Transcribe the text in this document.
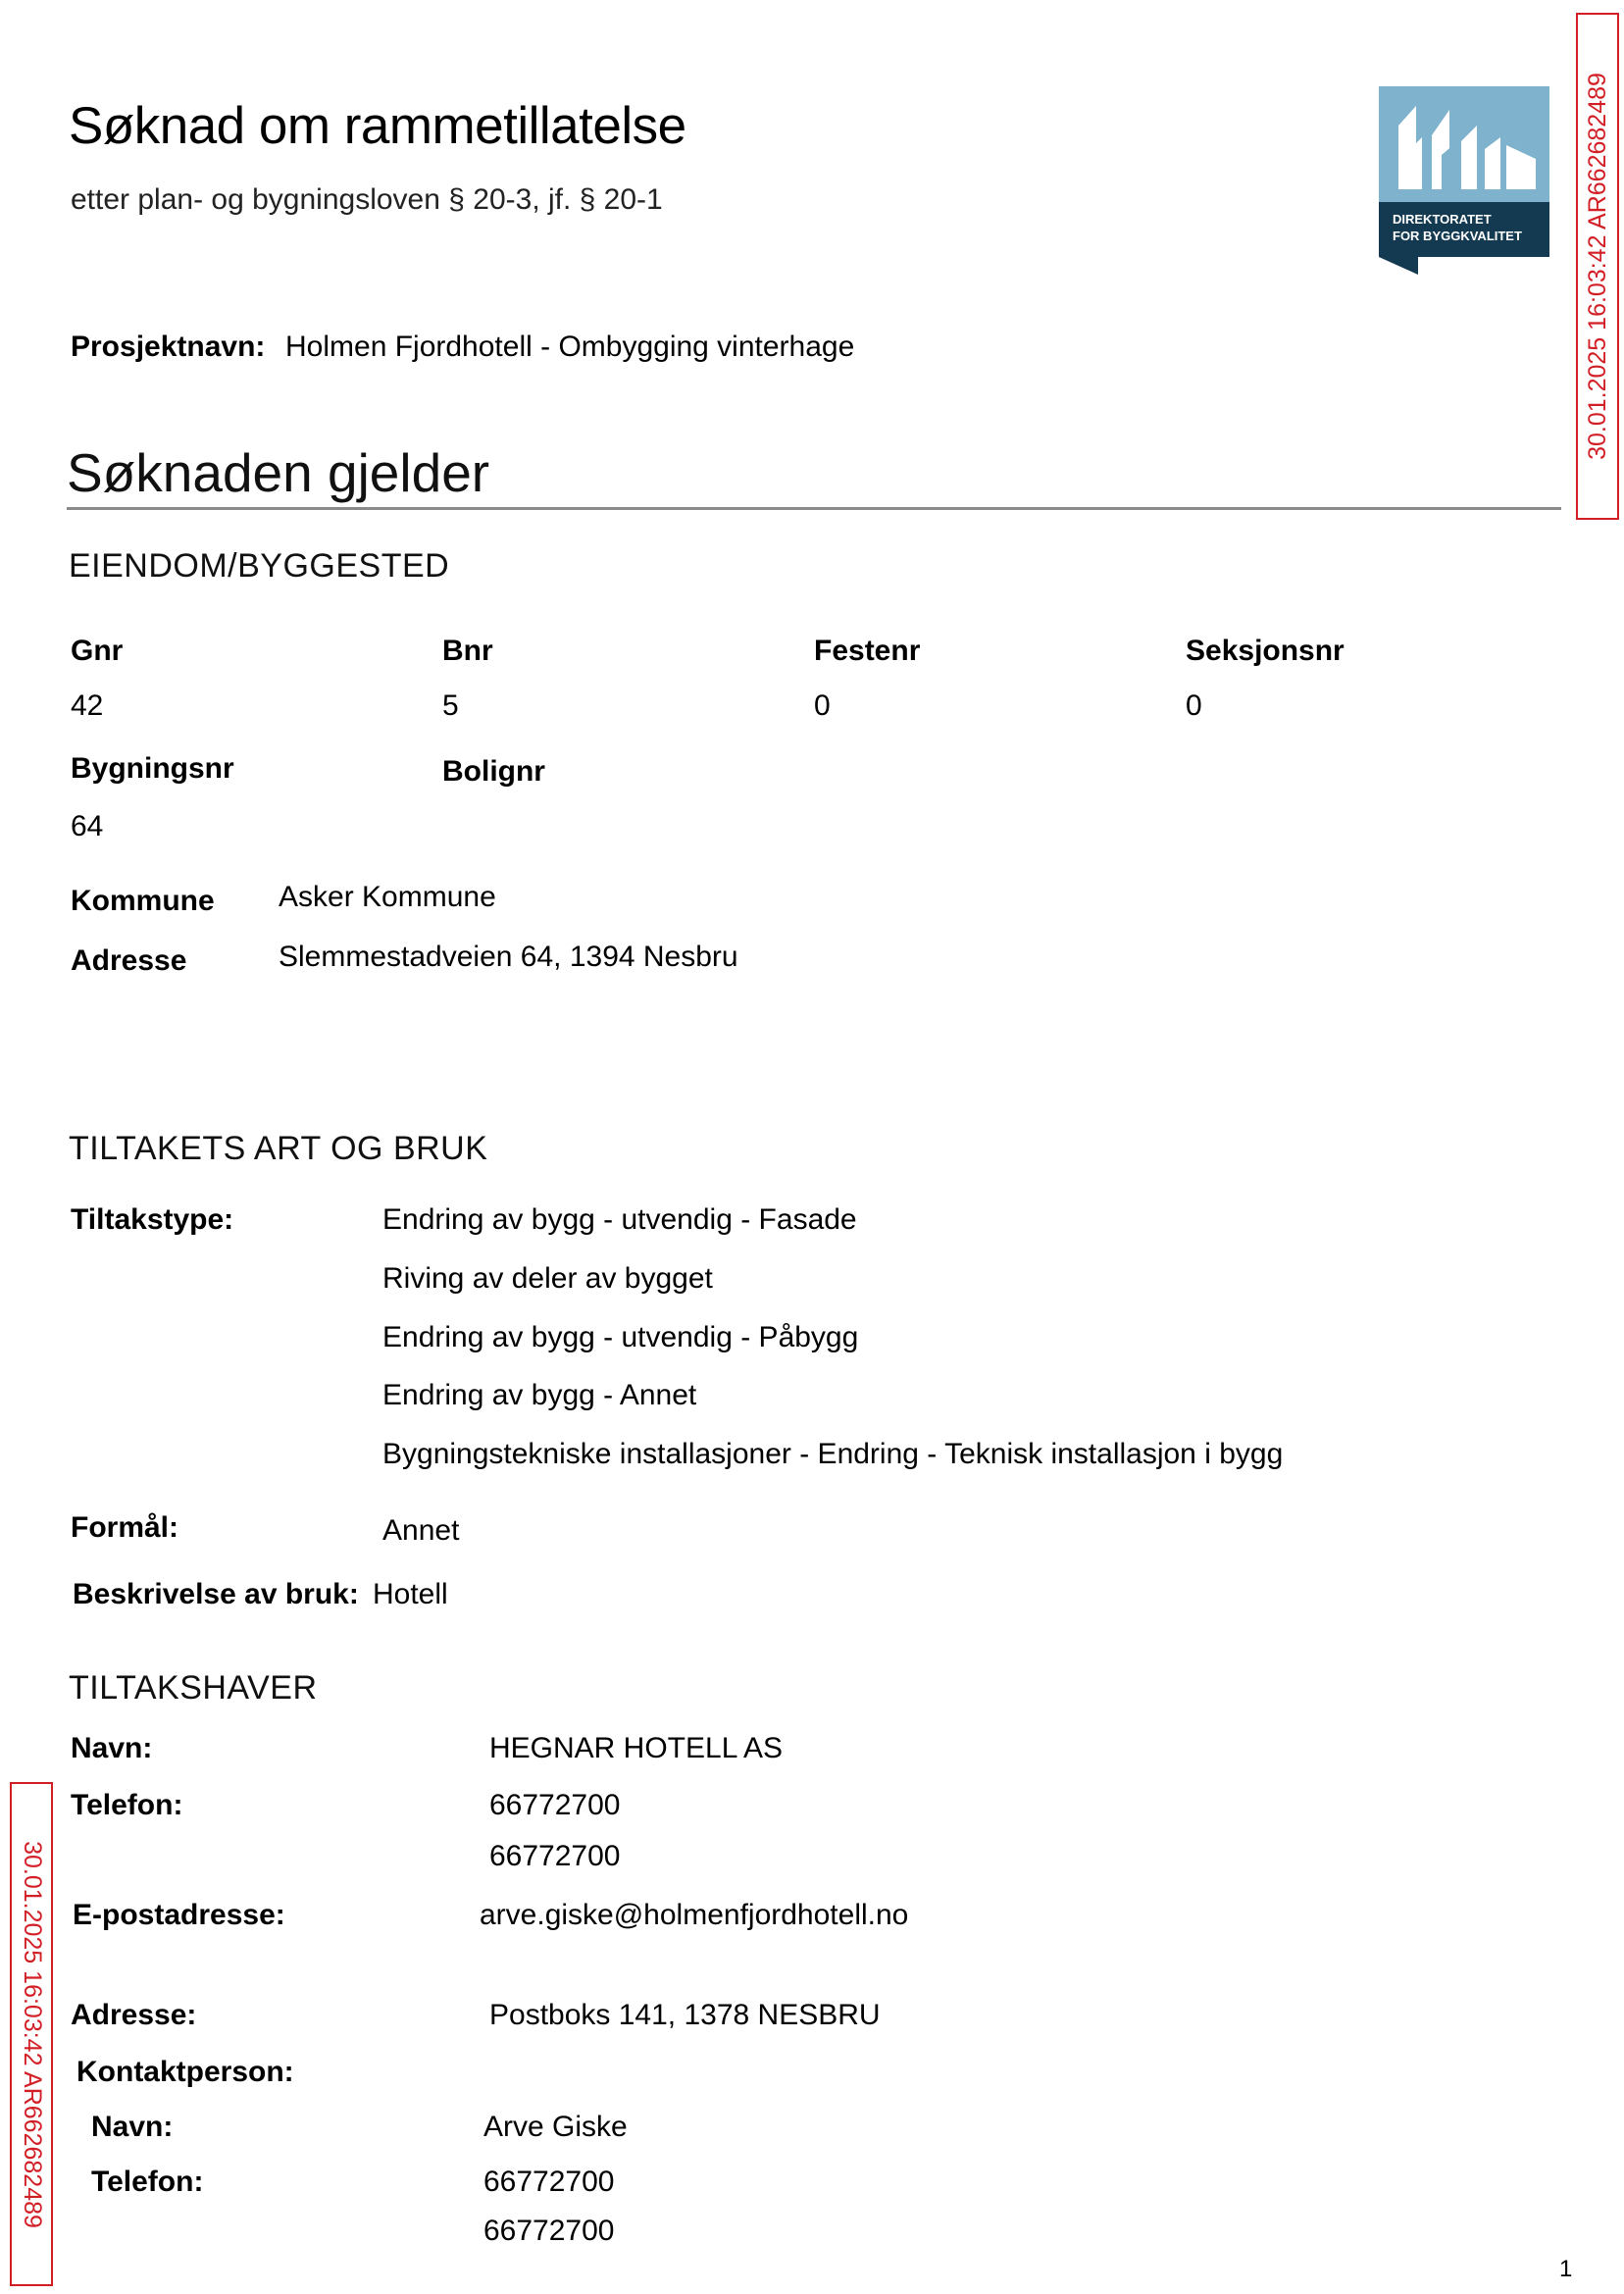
Søknad om rammetillatelse
etter plan- og bygningsloven § 20-3, jf. § 20-1
DIREKTORATET
FOR BYGGKVALITET
Prosjektnavn: Holmen Fjordhotell - Ombygging vinterhage
Søknaden gjelder
EIENDOM/BYGGESTED
Gnr	Bnr	Festenr	Seksjonsnr
42	5	0	0
Bygningsnr	Bolignr
64
Kommune Asker Kommune
Adresse	Slemmestadveien 64, 1394 Nesbru
TILTAKETS ART OG BRUK
Tiltakstype:	Endring av bygg - utvendig - Fasade
Riving av deler av bygget
Endring av bygg - utvendig - Påbygg
Endring av bygg - Annet
Bygningstekniske installasjoner - Endring - Teknisk installasjon i bygg
Formål:	Annet
Beskrivelse av bruk: Hotell
TILTAKSHAVER
Navn:	HEGNAR HOTELL AS
Telefon:	66772700
66772700
E-postadresse:	arve.giske@holmenfjordhotell.no
Adresse:	Postboks 141, 1378 NESBRU
Kontaktperson:
Navn:	Arve Giske
Telefon:	66772700
66772700
30.01.2025 16:03:42 AR662682489
30.01.2025 16:03:42 AR662682489
1
